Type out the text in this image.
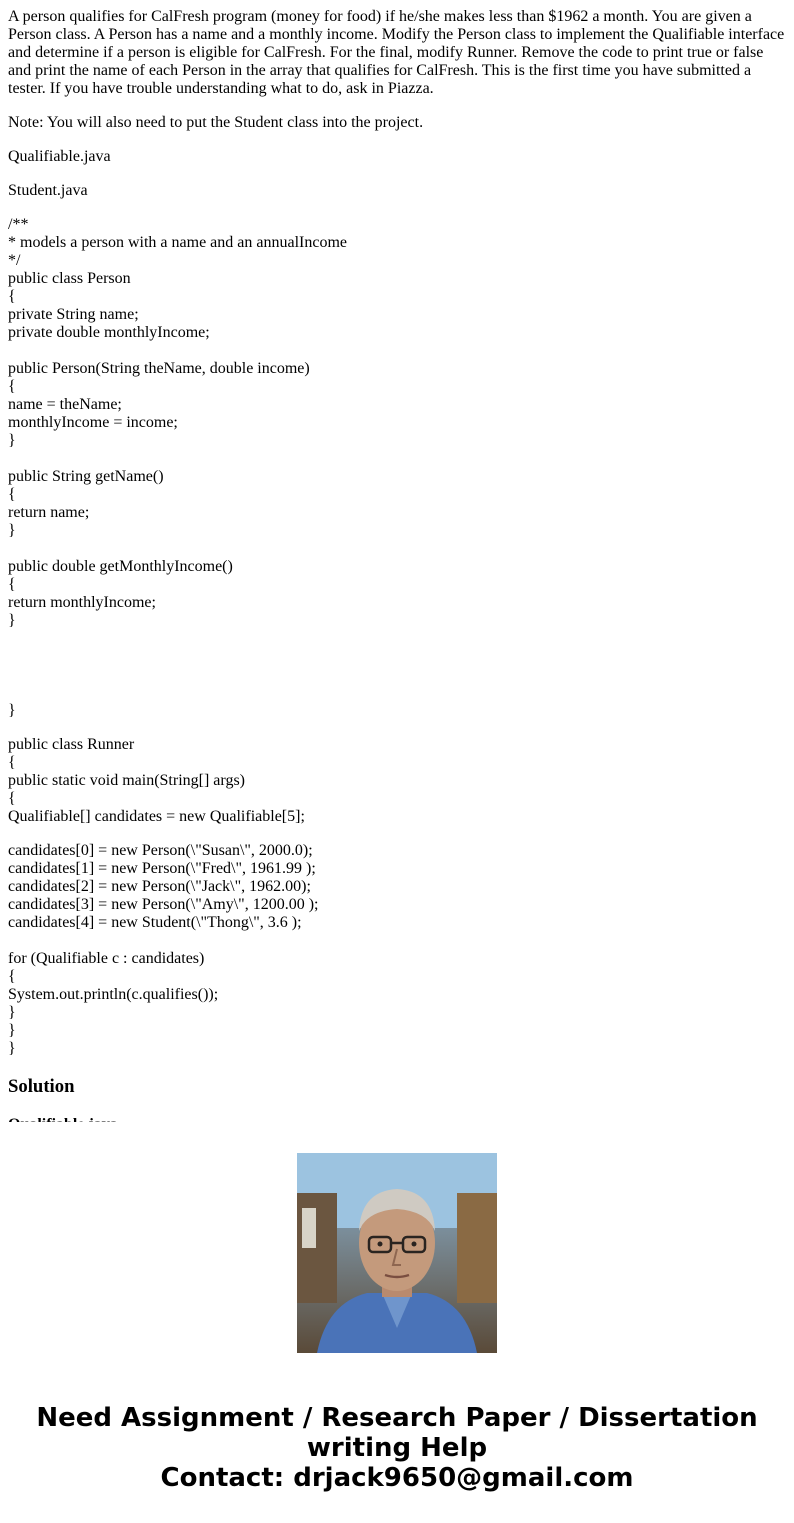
A person qualifies for CalFresh program (money for food) if he/she makes less than $1962 a month. You are given a Person class. A Person has a name and a monthly income. Modify the Person class to implement the Qualifiable interface and determine if a person is eligible for CalFresh. For the final, modify Runner. Remove the code to print true or false and print the name of each Person in the array that qualifies for CalFresh. This is the first time you have submitted a tester. If you have trouble understanding what to do, ask in Piazza.

Note: You will also need to put the Student class into the project.

Qualifiable.java

Student.java

/**
* models a person with a name and an annualIncome
*/
public class Person
{
private String name;
private double monthlyIncome;

public Person(String theName, double income)
{
name = theName;
monthlyIncome = income;
}

public String getName()
{
return name;
}

public double getMonthlyIncome()
{
return monthlyIncome;
}

}

public class Runner
{
public static void main(String[] args)
{
Qualifiable[] candidates = new Qualifiable[5];

candidates[0] = new Person(\"Susan\", 2000.0);
candidates[1] = new Person(\"Fred\", 1961.99 );
candidates[2] = new Person(\"Jack\", 1962.00);
candidates[3] = new Person(\"Amy\", 1200.00 );
candidates[4] = new Student(\"Thong\", 3.6 );

for (Qualifiable c : candidates)
{
System.out.println(c.qualifies());
}
}
}

Solution
Need Assignment / Research Paper / Dissertation
writing Help
Contact: drjack9650@gmail.com
